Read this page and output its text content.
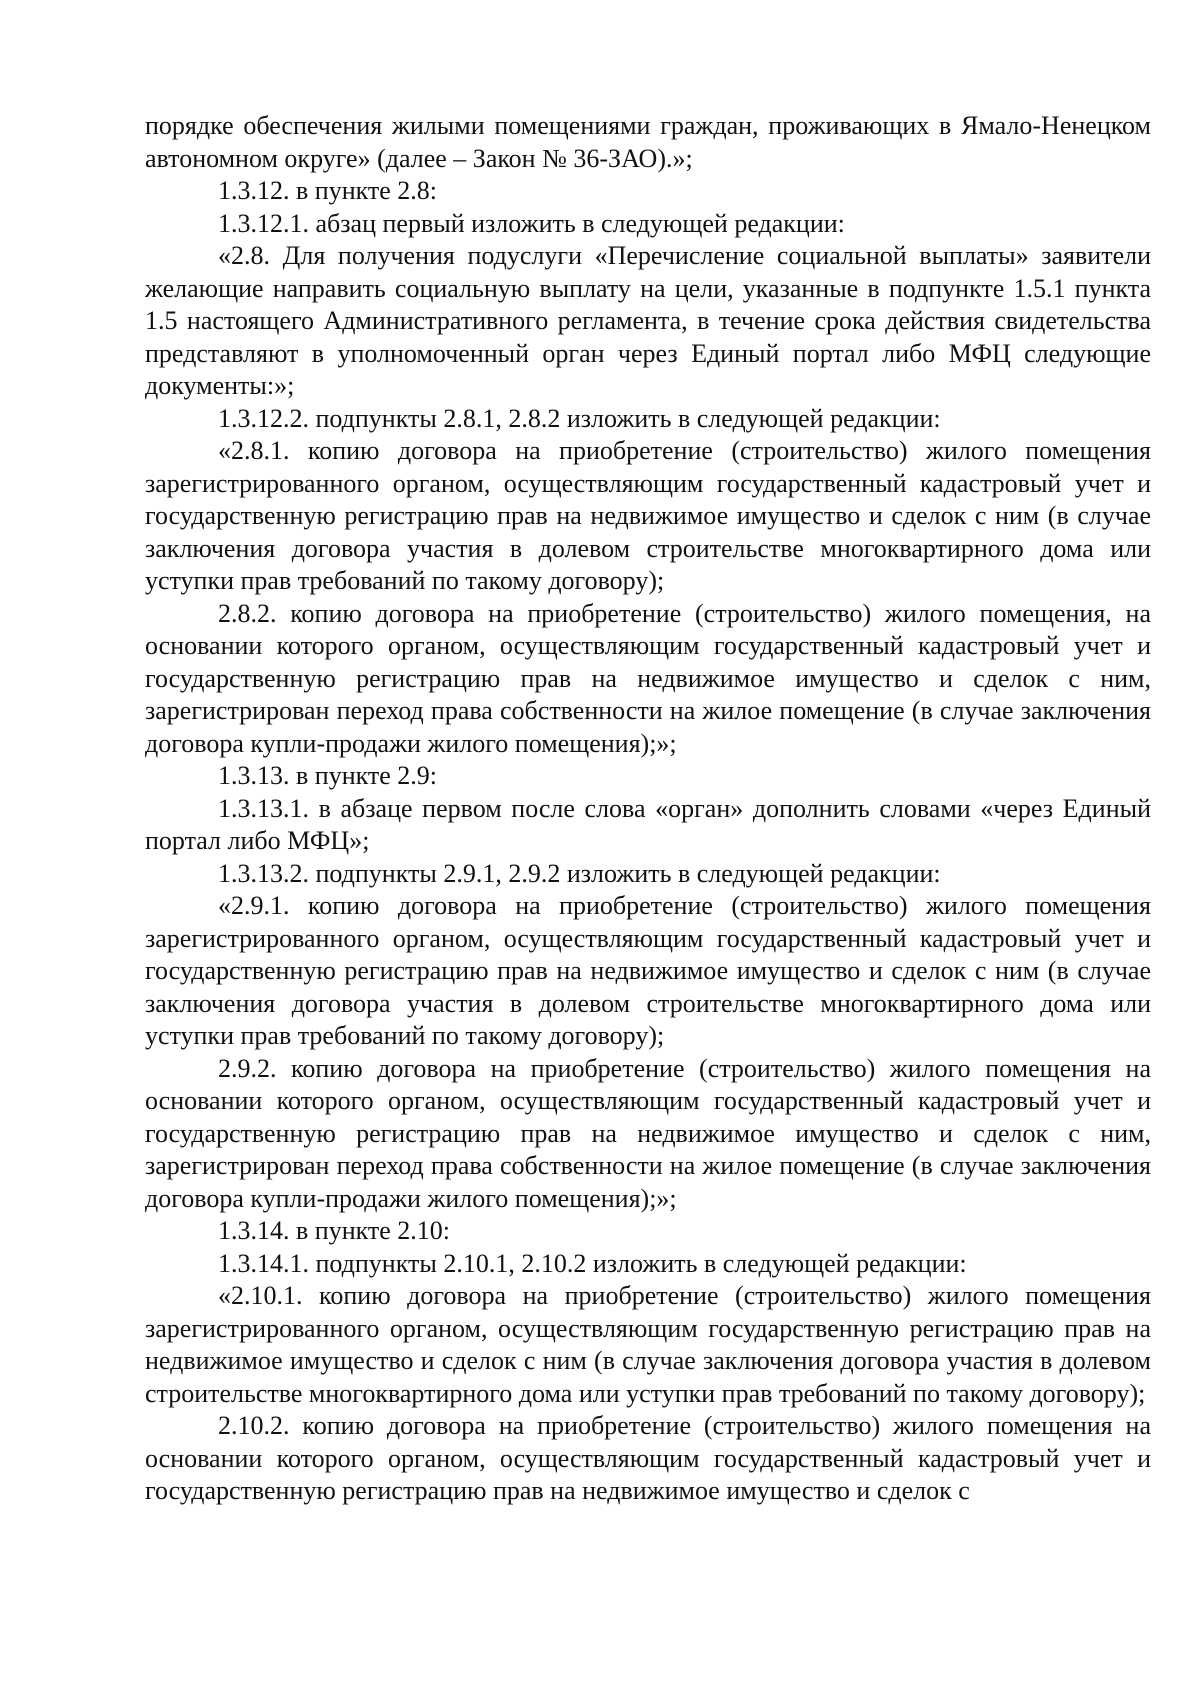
порядке обеспечения жилыми помещениями граждан, проживающих в Ямало-Ненецком автономном округе» (далее – Закон № 36-ЗАО).»;

1.3.12. в пункте 2.8:

1.3.12.1. абзац первый изложить в следующей редакции:

«2.8. Для получения подуслуги «Перечисление социальной выплаты» заявители желающие направить социальную выплату на цели, указанные в подпункте 1.5.1 пункта 1.5 настоящего Административного регламента, в течение срока действия свидетельства представляют в уполномоченный орган через Единый портал либо МФЦ следующие документы:»;

1.3.12.2. подпункты 2.8.1, 2.8.2 изложить в следующей редакции:

«2.8.1. копию договора на приобретение (строительство) жилого помещения зарегистрированного органом, осуществляющим государственный кадастровый учет и государственную регистрацию прав на недвижимое имущество и сделок с ним (в случае заключения договора участия в долевом строительстве многоквартирного дома или уступки прав требований по такому договору);

2.8.2. копию договора на приобретение (строительство) жилого помещения, на основании которого органом, осуществляющим государственный кадастровый учет и государственную регистрацию прав на недвижимое имущество и сделок с ним, зарегистрирован переход права собственности на жилое помещение (в случае заключения договора купли-продажи жилого помещения);»;

1.3.13. в пункте 2.9:

1.3.13.1. в абзаце первом после слова «орган» дополнить словами «через Единый портал либо МФЦ»;

1.3.13.2. подпункты 2.9.1, 2.9.2 изложить в следующей редакции:

«2.9.1. копию договора на приобретение (строительство) жилого помещения зарегистрированного органом, осуществляющим государственный кадастровый учет и государственную регистрацию прав на недвижимое имущество и сделок с ним (в случае заключения договора участия в долевом строительстве многоквартирного дома или уступки прав требований по такому договору);

2.9.2. копию договора на приобретение (строительство) жилого помещения на основании которого органом, осуществляющим государственный кадастровый учет и государственную регистрацию прав на недвижимое имущество и сделок с ним, зарегистрирован переход права собственности на жилое помещение (в случае заключения договора купли-продажи жилого помещения);»;

1.3.14. в пункте 2.10:

1.3.14.1. подпункты 2.10.1, 2.10.2 изложить в следующей редакции:

«2.10.1. копию договора на приобретение (строительство) жилого помещения зарегистрированного органом, осуществляющим государственную регистрацию прав на недвижимое имущество и сделок с ним (в случае заключения договора участия в долевом строительстве многоквартирного дома или уступки прав требований по такому договору);

2.10.2. копию договора на приобретение (строительство) жилого помещения на основании которого органом, осуществляющим государственный кадастровый учет и государственную регистрацию прав на недвижимое имущество и сделок с
